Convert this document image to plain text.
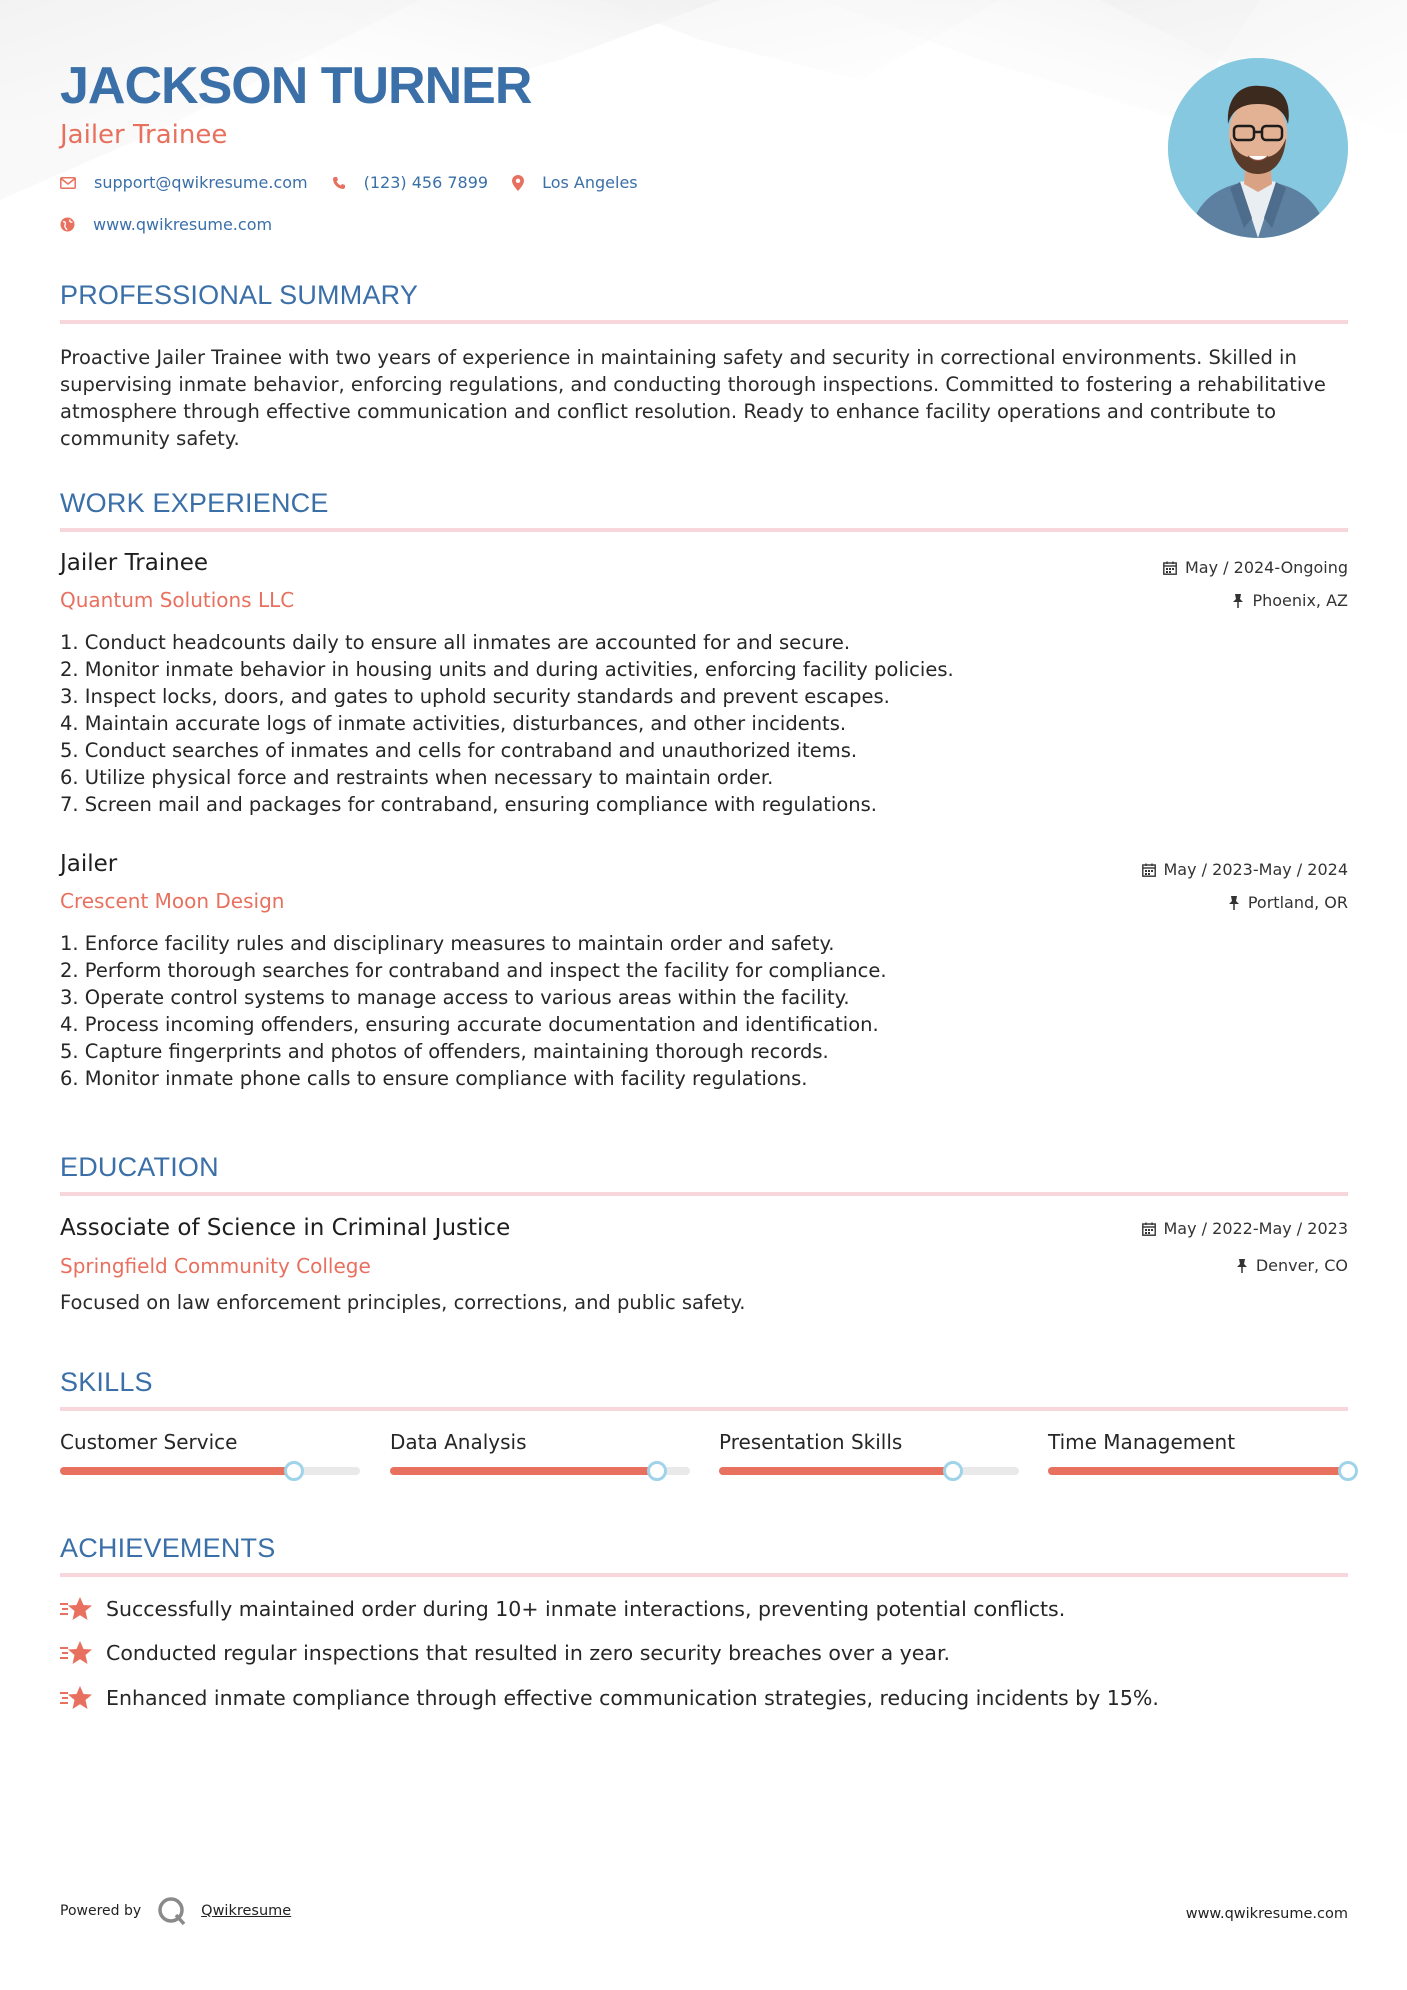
JACKSON TURNER
Jailer Trainee
support@qwikresume.com	(123) 456 7899	Los Angeles
www.qwikresume.com
PROFESSIONAL SUMMARY
Proactive Jailer Trainee with two years of experience in maintaining safety and security in correctional environments. Skilled in supervising inmate behavior, enforcing regulations, and conducting thorough inspections. Committed to fostering a rehabilitative atmosphere through effective communication and conflict resolution. Ready to enhance facility operations and contribute to community safety.
WORK EXPERIENCE
Jailer Trainee
Quantum Solutions LLC
May / 2024-Ongoing
Phoenix, AZ
1. Conduct headcounts daily to ensure all inmates are accounted for and secure.
2. Monitor inmate behavior in housing units and during activities, enforcing facility policies.
3. Inspect locks, doors, and gates to uphold security standards and prevent escapes.
4. Maintain accurate logs of inmate activities, disturbances, and other incidents.
5. Conduct searches of inmates and cells for contraband and unauthorized items.
6. Utilize physical force and restraints when necessary to maintain order.
7. Screen mail and packages for contraband, ensuring compliance with regulations.
Jailer
Crescent Moon Design
May / 2023-May / 2024
Portland, OR
1. Enforce facility rules and disciplinary measures to maintain order and safety.
2. Perform thorough searches for contraband and inspect the facility for compliance.
3. Operate control systems to manage access to various areas within the facility.
4. Process incoming offenders, ensuring accurate documentation and identification.
5. Capture fingerprints and photos of offenders, maintaining thorough records.
6. Monitor inmate phone calls to ensure compliance with facility regulations.
EDUCATION
Associate of Science in Criminal Justice
Springfield Community College
May / 2022-May / 2023
Denver, CO
Focused on law enforcement principles, corrections, and public safety.
SKILLS
Customer Service	Data Analysis	Presentation Skills	Time Management
ACHIEVEMENTS
Successfully maintained order during 10+ inmate interactions, preventing potential conflicts.
Conducted regular inspections that resulted in zero security breaches over a year.
Enhanced inmate compliance through effective communication strategies, reducing incidents by 15%.
Powered by	Qwikresume	www.qwikresume.com
